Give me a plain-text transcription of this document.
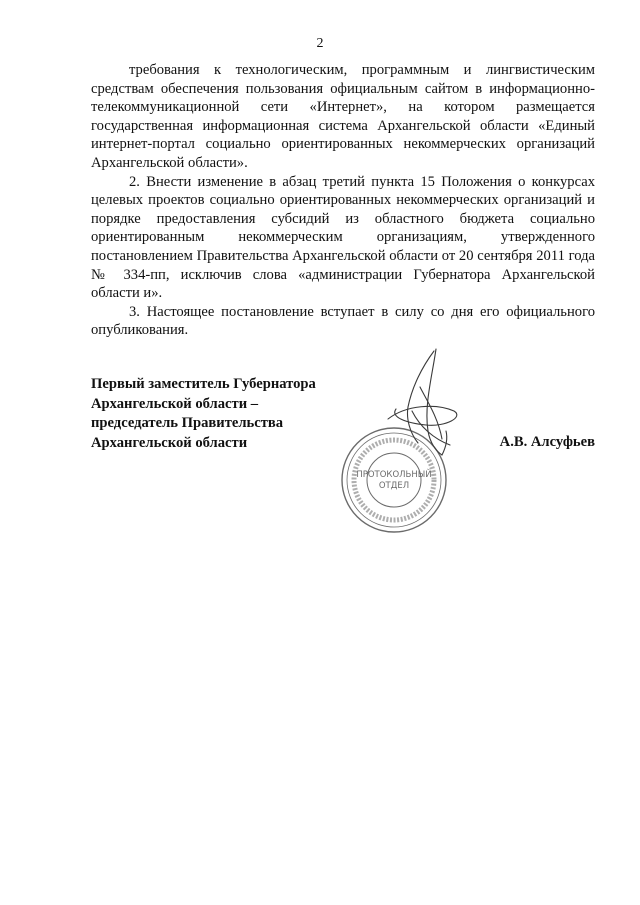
2

требования к технологическим, программным и лингвистическим средствам обеспечения пользования официальным сайтом в информационно-телекоммуникационной сети «Интернет», на котором размещается государственная информационная система Архангельской области «Единый интернет-портал социально ориентированных некоммерческих организаций Архангельской области».

2. Внести изменение в абзац третий пункта 15 Положения о конкурсах целевых проектов социально ориентированных некоммерческих организаций и порядке предоставления субсидий из областного бюджета социально ориентированным некоммерческим организациям, утвержденного постановлением Правительства Архангельской области от 20 сентября 2011 года № 334-пп, исключив слова «администрации Губернатора Архангельской области и».

3. Настоящее постановление вступает в силу со дня его официального опубликования.

Первый заместитель Губернатора
Архангельской области –
председатель Правительства
Архангельской области
ПРОТОКОЛЬНЫЙ
ОТДЕЛ
А.В. Алсуфьев
